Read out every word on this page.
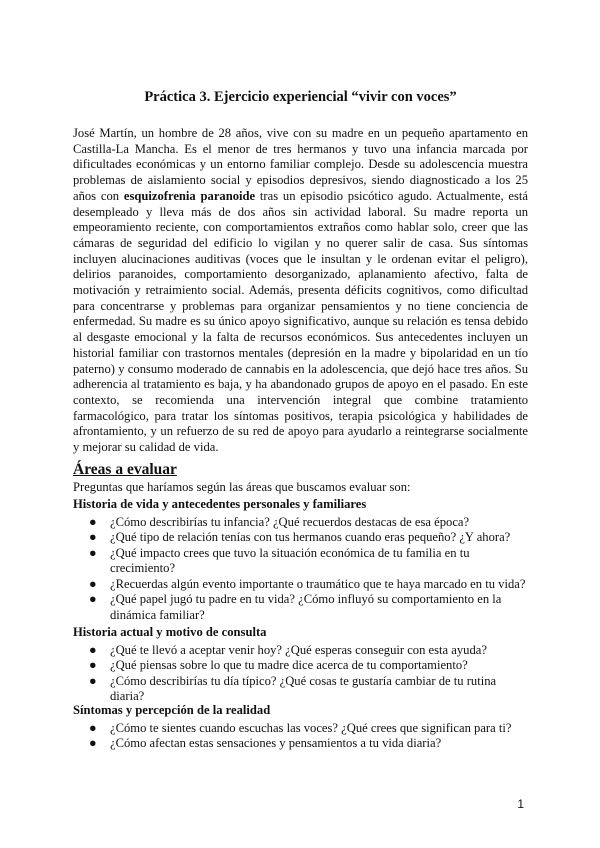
Práctica 3. Ejercicio experiencial “vivir con voces”

José Martín, un hombre de 28 años, vive con su madre en un pequeño apartamento en Castilla-La Mancha. Es el menor de tres hermanos y tuvo una infancia marcada por dificultades económicas y un entorno familiar complejo. Desde su adolescencia muestra problemas de aislamiento social y episodios depresivos, siendo diagnosticado a los 25 años con esquizofrenia paranoide tras un episodio psicótico agudo. Actualmente, está desempleado y lleva más de dos años sin actividad laboral. Su madre reporta un empeoramiento reciente, con comportamientos extraños como hablar solo, creer que las cámaras de seguridad del edificio lo vigilan y no querer salir de casa. Sus síntomas incluyen alucinaciones auditivas (voces que le insultan y le ordenan evitar el peligro), delirios paranoides, comportamiento desorganizado, aplanamiento afectivo, falta de motivación y retraimiento social. Además, presenta déficits cognitivos, como dificultad para concentrarse y problemas para organizar pensamientos y no tiene conciencia de enfermedad. Su madre es su único apoyo significativo, aunque su relación es tensa debido al desgaste emocional y la falta de recursos económicos. Sus antecedentes incluyen un historial familiar con trastornos mentales (depresión en la madre y bipolaridad en un tío paterno) y consumo moderado de cannabis en la adolescencia, que dejó hace tres años. Su adherencia al tratamiento es baja, y ha abandonado grupos de apoyo en el pasado. En este contexto, se recomienda una intervención integral que combine tratamiento farmacológico, para tratar los síntomas positivos, terapia psicológica y habilidades de afrontamiento, y un refuerzo de su red de apoyo para ayudarlo a reintegrarse socialmente y mejorar su calidad de vida.

Áreas a evaluar

Preguntas que haríamos según las áreas que buscamos evaluar son:

Historia de vida y antecedentes personales y familiares
● ¿Cómo describirías tu infancia? ¿Qué recuerdos destacas de esa época?
● ¿Qué tipo de relación tenías con tus hermanos cuando eras pequeño? ¿Y ahora?
● ¿Qué impacto crees que tuvo la situación económica de tu familia en tu crecimiento?
● ¿Recuerdas algún evento importante o traumático que te haya marcado en tu vida?
● ¿Qué papel jugó tu padre en tu vida? ¿Cómo influyó su comportamiento en la dinámica familiar?
Historia actual y motivo de consulta
● ¿Qué te llevó a aceptar venir hoy? ¿Qué esperas conseguir con esta ayuda?
● ¿Qué piensas sobre lo que tu madre dice acerca de tu comportamiento?
● ¿Cómo describirías tu día típico? ¿Qué cosas te gustaría cambiar de tu rutina diaria?
Síntomas y percepción de la realidad
● ¿Cómo te sientes cuando escuchas las voces? ¿Qué crees que significan para ti?
● ¿Cómo afectan estas sensaciones y pensamientos a tu vida diaria?
1
